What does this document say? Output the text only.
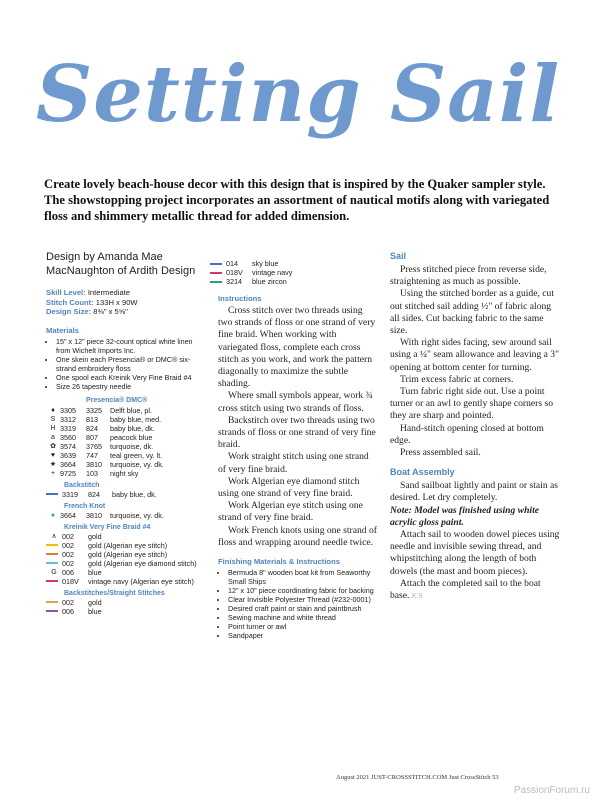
Setting Sail
Create lovely beach-house decor with this design that is inspired by the Quaker sampler style. The showstopping project incorporates an assortment of nautical motifs along with variegated floss and shimmery metallic thread for added dimension.
Design by Amanda Mae MacNaughton of Ardith Design
Skill Level: Intermediate
Stitch Count: 133H x 90W
Design Size: 8⅜" x 5⅝"
Materials
• 15" x 12" piece 32-count optical white linen from Wichelt Imports Inc.
• One skein each Presencia® or DMC® six-strand embroidery floss
• One spool each Kreinik Very Fine Braid #4
• Size 26 tapestry needle
Presencia® DMC®
♦ 3305	3325	Delft blue, pl.
S 3312	813	baby blue, med.
H 3319	824	baby blue, dk.
a 3560	807	peacock blue
✿ 3574	3765	turquoise, dk.
♥ 3639	747	teal green, vy. lt.
★ 3664	3810	turquoise, vy. dk.
+ 9725	103	night sky
Backstitch
3319	824	baby blue, dk.
French Knot
● 3664	3810	turquoise, vy. dk.
Kreinik Very Fine Braid #4
∧ 002	gold
002	gold (Algerian eye stitch)
002	gold (Algerian eye stitch)
002	gold (Algerian eye diamond stitch)
G 006	blue
018V	vintage navy (Algerian eye stitch)
Backstitches/Straight Stitches
002	gold
006	blue
014	sky blue
018V	vintage navy
3214	blue zircon
Instructions

Cross stitch over two threads using two strands of floss or one strand of very fine braid. When working with variegated floss, complete each cross stitch as you work, and work the pattern diagonally to maximize the subtle shading.

Where small symbols appear, work ¾ cross stitch using two strands of floss.

Backstitch over two threads using two strands of floss or one strand of very fine braid.

Work straight stitch using one strand of very fine braid.

Work Algerian eye diamond stitch using one strand of very fine braid.

Work Algerian eye stitch using one strand of very fine braid.

Work French knots using one strand of floss and wrapping around needle twice.

Finishing Materials & Instructions
• Bermuda 8" wooden boat kit from Seaworthy Small Ships
• 12" x 10" piece coordinating fabric for backing
• Clear Invisible Polyester Thread (#232-0001)
• Desired craft paint or stain and paintbrush
• Sewing machine and white thread
• Point turner or awl
• Sandpaper
Sail

Press stitched piece from reverse side, straightening as much as possible.

Using the stitched border as a guide, cut out stitched sail adding ½" of fabric along all sides. Cut backing fabric to the same size.

With right sides facing, sew around sail using a ¼" seam allowance and leaving a 3" opening at bottom center for turning.

Trim excess fabric at corners.

Turn fabric right side out. Use a point turner or an awl to gently shape corners so they are sharp and pointed.

Hand-stitch opening closed at bottom edge.

Press assembled sail.

Boat Assembly

Sand sailboat lightly and paint or stain as desired. Let dry completely.

Note: Model was finished using white acrylic gloss paint.

Attach sail to wooden dowel pieces using needle and invisible sewing thread, and whipstitching along the length of both dowels (the mast and boom pieces).

Attach the completed sail to the boat base. JCS

August 2021 JUST-CROSSSTITCH.COM Just CrossStitch 53
PassionForum.ru
